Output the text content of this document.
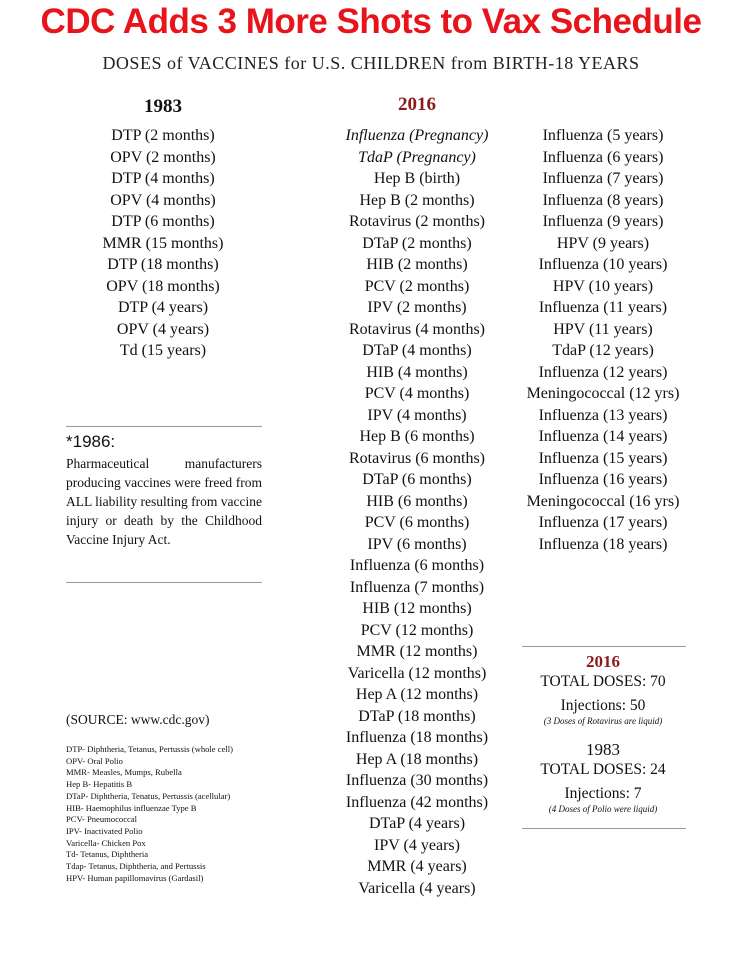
CDC Adds 3 More Shots to Vax Schedule
DOSES of VACCINES for U.S. CHILDREN from BIRTH-18 YEARS
1983	2016
DTP (2 months)
OPV (2 months)
DTP (4 months)
OPV (4 months)
DTP (6 months)
MMR (15 months)
DTP (18 months)
OPV (18 months)
DTP (4 years)
OPV (4 years)
Td (15 years)
Influenza (Pregnancy)
TdaP (Pregnancy)
Hep B (birth)
Hep B (2 months)
Rotavirus (2 months)
DTaP (2 months)
HIB (2 months)
PCV (2 months)
IPV (2 months)
Rotavirus (4 months)
DTaP (4 months)
HIB (4 months)
PCV (4 months)
IPV (4 months)
Hep B (6 months)
Rotavirus (6 months)
DTaP (6 months)
HIB (6 months)
PCV (6 months)
IPV (6 months)
Influenza (6 months)
Influenza (7 months)
HIB (12 months)
PCV (12 months)
MMR (12 months)
Varicella (12 months)
Hep A (12 months)
DTaP (18 months)
Influenza (18 months)
Hep A (18 months)
Influenza (30 months)
Influenza (42 months)
DTaP (4 years)
IPV (4 years)
MMR (4 years)
Varicella (4 years)
Influenza (5 years)
Influenza (6 years)
Influenza (7 years)
Influenza (8 years)
Influenza (9 years)
HPV (9 years)
Influenza (10 years)
HPV (10 years)
Influenza (11 years)
HPV (11 years)
TdaP (12 years)
Influenza (12 years)
Meningococcal (12 yrs)
Influenza (13 years)
Influenza (14 years)
Influenza (15 years)
Influenza (16 years)
Meningococcal (16 yrs)
Influenza (17 years)
Influenza (18 years)
*1986:
Pharmaceutical manufacturers producing vaccines were freed from ALL liability resulting from vaccine injury or death by the Childhood Vaccine Injury Act.
(SOURCE: www.cdc.gov)
DTP- Diphtheria, Tetanus, Pertussis (whole cell)
OPV- Oral Polio
MMR- Measles, Mumps, Rubella
Hep B- Hepatitis B
DTaP- Diphtheria, Tenatus, Pertussis (acellular)
HIB- Haemophilus influenzae Type B
PCV- Pneumococcal
IPV- Inactivated Polio
Varicella- Chicken Pox
Td- Tetanus, Diphtheria
Tdap- Tetanus, Diphtheria, and Pertussis
HPV- Human papillomavirus (Gardasil)
2016
TOTAL DOSES: 70
Injections: 50
(3 Doses of Rotavirus are liquid)
1983
TOTAL DOSES: 24
Injections: 7
(4 Doses of Polio were liquid)
